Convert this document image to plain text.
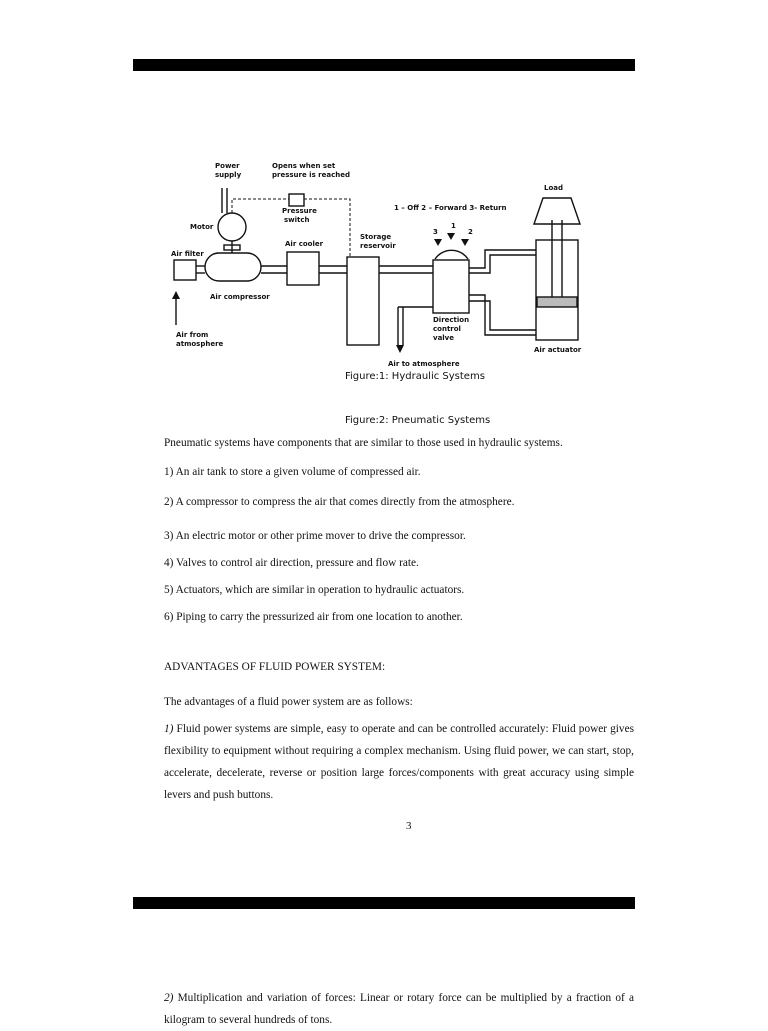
Power
supply
Opens when set
pressure is reached
Pressure
switch
Motor
Air filter
Air compressor
Air cooler
Air from
atmosphere
Storage
reservoir
1 – Off 2 – Forward 3- Return
1
2
3
Direction
control
valve
Air to atmosphere
Load
Air actuator
Figure:1: Hydraulic Systems
Figure:2: Pneumatic Systems

Pneumatic systems have components that are similar to those used in hydraulic systems.

1) An air tank to store a given volume of compressed air.

2) A compressor to compress the air that comes directly from the atmosphere.

3) An electric motor or other prime mover to drive the compressor.

4) Valves to control air direction, pressure and flow rate.

5) Actuators, which are similar in operation to hydraulic actuators.

6) Piping to carry the pressurized air from one location to another.

ADVANTAGES OF FLUID POWER SYSTEM:

The advantages of a fluid power system are as follows:

1) Fluid power systems are simple, easy to operate and can be controlled accurately: Fluid power gives flexibility to equipment without requiring a complex mechanism. Using fluid power, we can start, stop, accelerate, decelerate, reverse or position large forces/components with great accuracy using simple levers and push buttons.

3

2) Multiplication and variation of forces: Linear or rotary force can be multiplied by a fraction of a kilogram to several hundreds of tons.
